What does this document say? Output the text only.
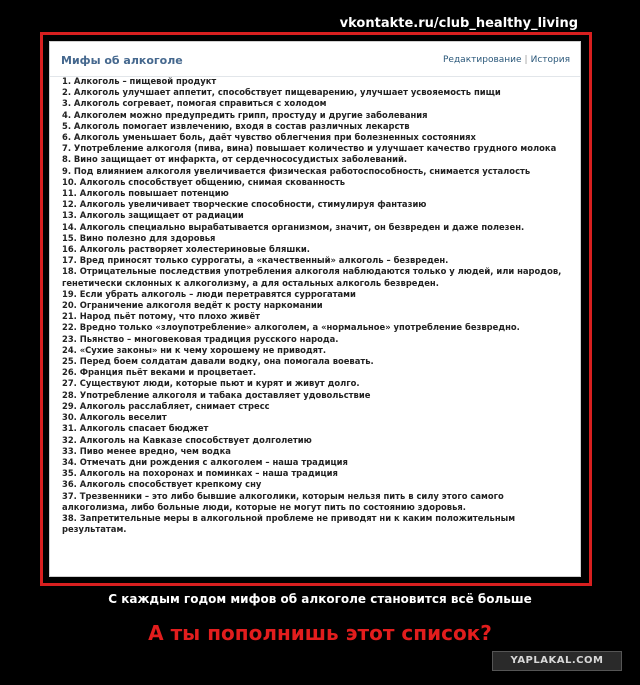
vkontakte.ru/club_healthy_living
Мифы об алкоголе	Редактирование | История
1. Алкоголь – пищевой продукт
2. Алкоголь улучшает аппетит, способствует пищеварению, улучшает усвояемость пищи
3. Алкоголь согревает, помогая справиться с холодом
4. Алкоголем можно предупредить грипп, простуду и другие заболевания
5. Алкоголь помогает извлечению, входя в состав различных лекарств
6. Алкоголь уменьшает боль, даёт чувство облегчения при болезненных состояниях
7. Употребление алкоголя (пива, вина) повышает количество и улучшает качество грудного молока
8. Вино защищает от инфаркта, от сердечнососудистых заболеваний.
9. Под влиянием алкоголя увеличивается физическая работоспособность, снимается усталость
10. Алкоголь способствует общению, снимая скованность
11. Алкоголь повышает потенцию
12. Алкоголь увеличивает творческие способности, стимулируя фантазию
13. Алкоголь защищает от радиации
14. Алкоголь специально вырабатывается организмом, значит, он безвреден и даже полезен.
15. Вино полезно для здоровья
16. Алкоголь растворяет холестериновые бляшки.
17. Вред приносят только суррогаты, а «качественный» алкоголь – безвреден.
18. Отрицательные последствия употребления алкоголя наблюдаются только у людей, или народов, генетически склонных к алкоголизму, а для остальных алкоголь безвреден.
19. Если убрать алкоголь – люди перетравятся суррогатами
20. Ограничение алкоголя ведёт к росту наркомании
21. Народ пьёт потому, что плохо живёт
22. Вредно только «злоупотребление» алкоголем, а «нормальное» употребление безвредно.
23. Пьянство – многовековая традиция русского народа.
24. «Сухие законы» ни к чему хорошему не приводят.
25. Перед боем солдатам давали водку, она помогала воевать.
26. Франция пьёт веками и процветает.
27. Существуют люди, которые пьют и курят и живут долго.
28. Употребление алкоголя и табака доставляет удовольствие
29. Алкоголь расслабляет, снимает стресс
30. Алкоголь веселит
31. Алкоголь спасает бюджет
32. Алкоголь на Кавказе способствует долголетию
33. Пиво менее вредно, чем водка
34. Отмечать дни рождения с алкоголем – наша традиция
35. Алкоголь на похоронах и поминках – наша традиция
36. Алкоголь способствует крепкому сну
37. Трезвенники – это либо бывшие алкоголики, которым нельзя пить в силу этого самого алкоголизма, либо больные люди, которые не могут пить по состоянию здоровья.
38. Запретительные меры в алкогольной проблеме не приводят ни к каким положительным результатам.
С каждым годом мифов об алкоголе становится всё больше
А ты пополнишь этот список?
YAPLAKAL.COM
